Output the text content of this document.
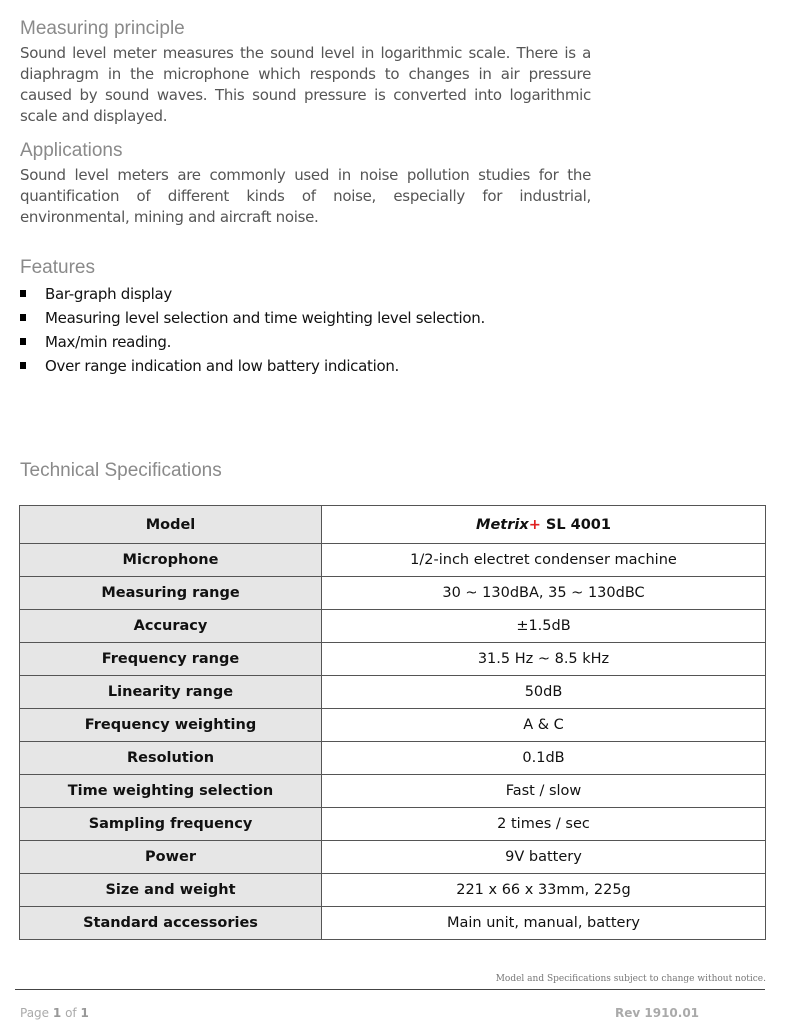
Measuring principle

Sound level meter measures the sound level in logarithmic scale. There is a diaphragm in the microphone which responds to changes in air pressure caused by sound waves. This sound pressure is converted into logarithmic scale and displayed.

Applications

Sound level meters are commonly used in noise pollution studies for the quantification of different kinds of noise, especially for industrial, environmental, mining and aircraft noise.

Features
Bar-graph display
Measuring level selection and time weighting level selection.
Max/min reading.
Over range indication and low battery indication.
Technical Specifications
Model	Metrix+ SL 4001
Microphone	1/2-inch electret condenser machine
Measuring range	30 ~ 130dBA, 35 ~ 130dBC
Accuracy	±1.5dB
Frequency range	31.5 Hz ~ 8.5 kHz
Linearity range	50dB
Frequency weighting	A & C
Resolution	0.1dB
Time weighting selection	Fast / slow
Sampling frequency	2 times / sec
Power	9V battery
Size and weight	221 x 66 x 33mm, 225g
Standard accessories	Main unit, manual, battery
Model and Specifications subject to change without notice.
Page 1 of 1	Rev 1910.01
